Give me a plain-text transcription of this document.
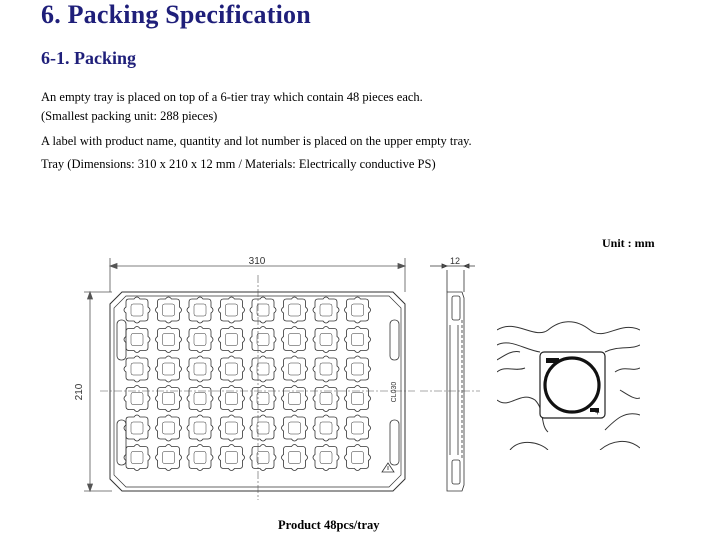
6. Packing Specification
6-1. Packing

An empty tray is placed on top of a 6-tier tray which contain 48 pieces each.

(Smallest packing unit: 288 pieces)

A label with product name, quantity and lot number is placed on the upper empty tray.

Tray (Dimensions: 310 x 210 x 12 mm / Materials: Electrically conductive PS)

Unit : mm
310
210	CL030
12
+
Product 48pcs/tray
